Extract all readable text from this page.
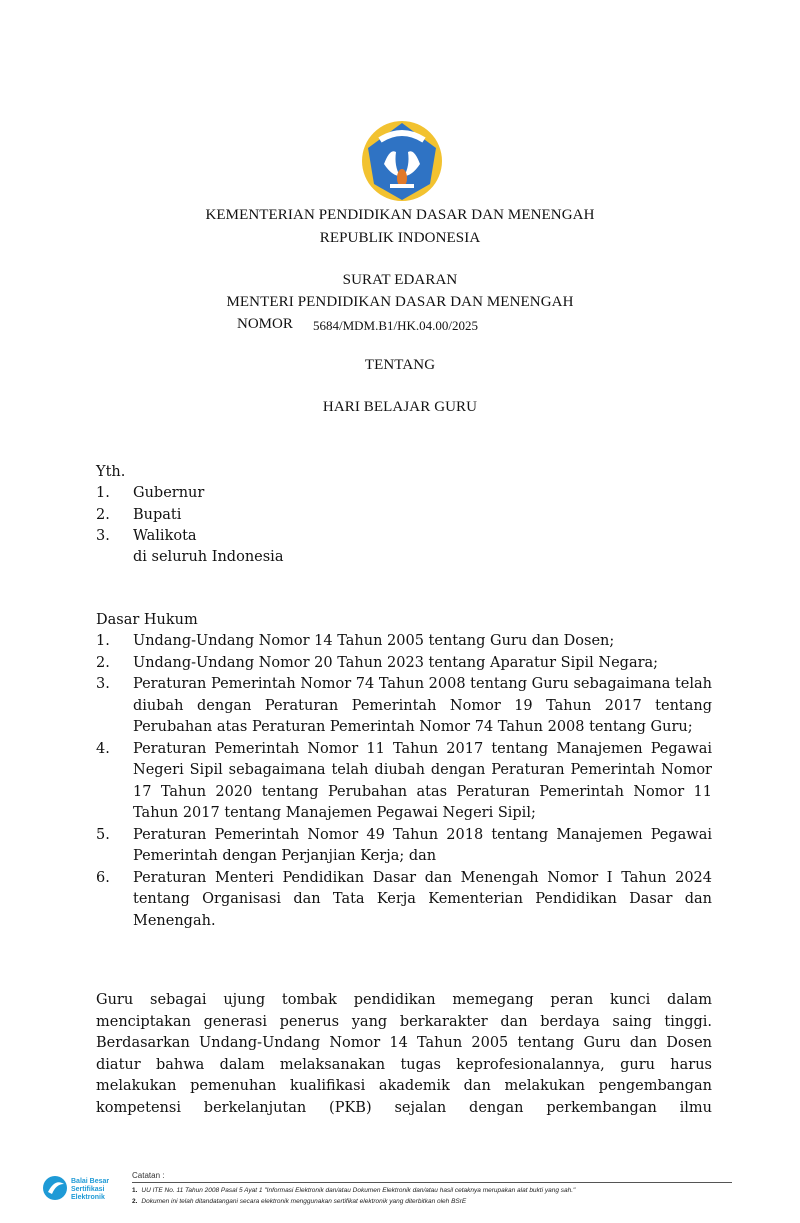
KEMENTERIAN PENDIDIKAN DASAR DAN MENENGAH
REPUBLIK INDONESIA
SURAT EDARAN
MENTERI PENDIDIKAN DASAR DAN MENENGAH
NOMOR 5684/MDM.B1/HK.04.00/2025
TENTANG
HARI BELAJAR GURU
Yth.
1. Gubernur
2. Bupati
3. Walikota
di seluruh Indonesia
Dasar Hukum
1. Undang-Undang Nomor 14 Tahun 2005 tentang Guru dan Dosen;
2. Undang-Undang Nomor 20 Tahun 2023 tentang Aparatur Sipil Negara;
3. Peraturan Pemerintah Nomor 74 Tahun 2008 tentang Guru sebagaimana telah diubah dengan Peraturan Pemerintah Nomor 19 Tahun 2017 tentang Perubahan atas Peraturan Pemerintah Nomor 74 Tahun 2008 tentang Guru;
4. Peraturan Pemerintah Nomor 11 Tahun 2017 tentang Manajemen Pegawai Negeri Sipil sebagaimana telah diubah dengan Peraturan Pemerintah Nomor 17 Tahun 2020 tentang Perubahan atas Peraturan Pemerintah Nomor 11 Tahun 2017 tentang Manajemen Pegawai Negeri Sipil;
5. Peraturan Pemerintah Nomor 49 Tahun 2018 tentang Manajemen Pegawai Pemerintah dengan Perjanjian Kerja; dan
6. Peraturan Menteri Pendidikan Dasar dan Menengah Nomor I Tahun 2024 tentang Organisasi dan Tata Kerja Kementerian Pendidikan Dasar dan Menengah.
Guru sebagai ujung tombak pendidikan memegang peran kunci dalam menciptakan generasi penerus yang berkarakter dan berdaya saing tinggi. Berdasarkan Undang-Undang Nomor 14 Tahun 2005 tentang Guru dan Dosen diatur bahwa dalam melaksanakan tugas keprofesionalannya, guru harus melakukan pemenuhan kualifikasi akademik dan melakukan pengembangan kompetensi berkelanjutan (PKB) sejalan dengan perkembangan ilmu
Balai Besar
Sertifikasi
Elektronik
Catatan :
1. UU ITE No. 11 Tahun 2008 Pasal 5 Ayat 1 "Informasi Elektronik dan/atau Dokumen Elektronik dan/atau hasil cetaknya merupakan alat bukti yang sah."
2. Dokumen ini telah ditandatangani secara elektronik menggunakan sertifikat elektronik yang diterbitkan oleh BSrE
